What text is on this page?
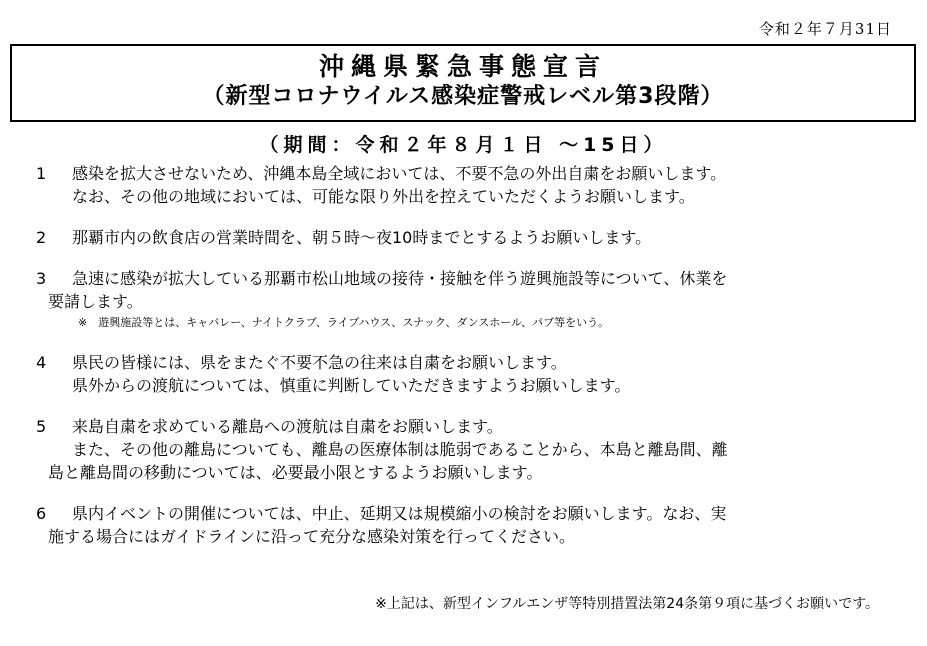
令和２年７月31日
沖縄県緊急事態宣言
（新型コロナウイルス感染症警戒レベル第3段階）
（期間：令和２年８月１日 ～15日）
1 感染を拡大させないため、沖縄本島全域においては、不要不急の外出自粛をお願いします。
なお、その他の地域においては、可能な限り外出を控えていただくようお願いします。
2 那覇市内の飲食店の営業時間を、朝５時～夜10時までとするようお願いします。
3 急速に感染が拡大している那覇市松山地域の接待・接触を伴う遊興施設等について、休業を
要請します。
※　遊興施設等とは、キャバレー、ナイトクラブ、ライブハウス、スナック、ダンスホール、パブ等をいう。
4 県民の皆様には、県をまたぐ不要不急の往来は自粛をお願いします。
県外からの渡航については、慎重に判断していただきますようお願いします。
5 来島自粛を求めている離島への渡航は自粛をお願いします。
また、その他の離島についても、離島の医療体制は脆弱であることから、本島と離島間、離
島と離島間の移動については、必要最小限とするようお願いします。
6 県内イベントの開催については、中止、延期又は規模縮小の検討をお願いします。なお、実
施する場合にはガイドラインに沿って充分な感染対策を行ってください。
※上記は、新型インフルエンザ等特別措置法第24条第９項に基づくお願いです。
